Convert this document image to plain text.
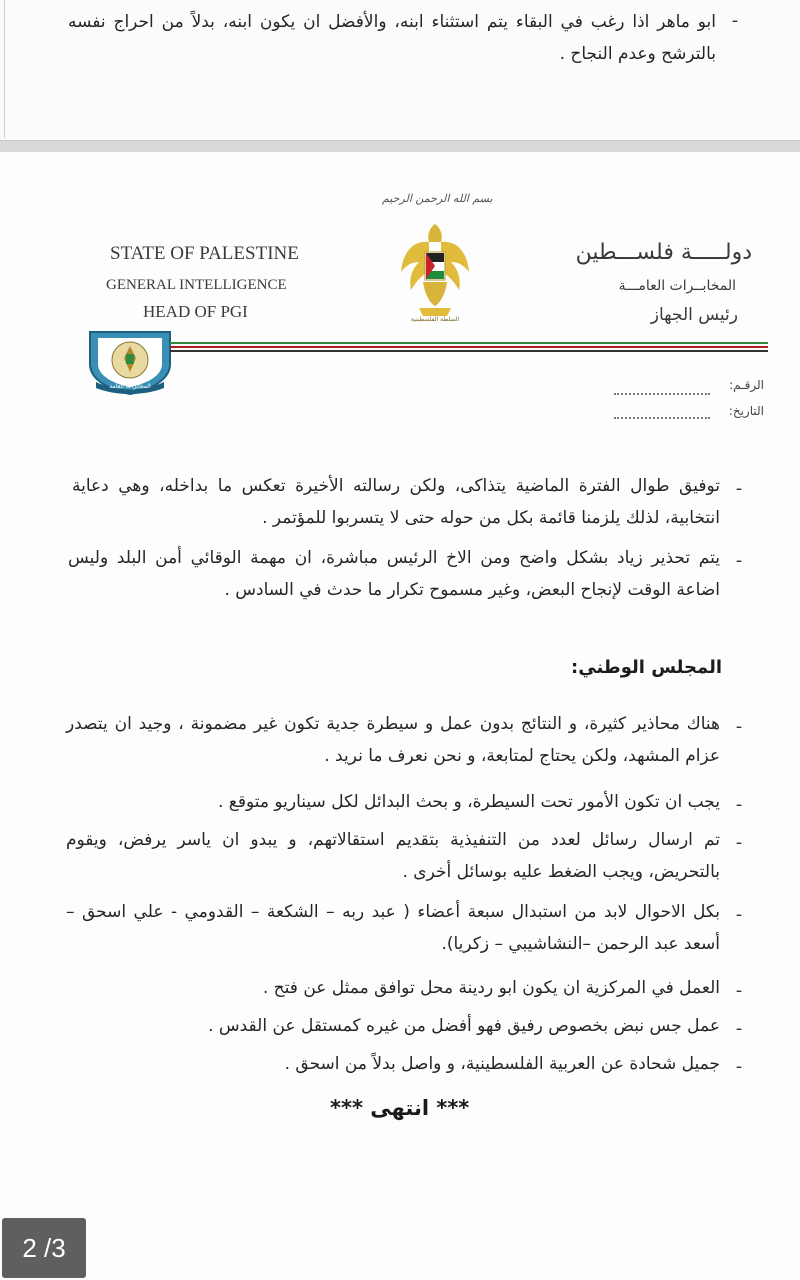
-
ابو ماهر اذا رغب في البقاء يتم استثناء ابنه، والأفضل ان يكون ابنه، بدلاً من احراج نفسه بالترشح وعدم النجاح .
بسم الله الرحمن الرحيم
STATE OF PALESTINE
GENERAL INTELLIGENCE
HEAD OF PGI
دولـــــة فلســـطين
المخابــرات العامـــة
رئيس الجهاز
السلطة الفلسطينية
المخابرات العامة	الرقـم:
التاريخ:
-
توفيق طوال الفترة الماضية يتذاكى، ولكن رسالته الأخيرة تعكس ما بداخله، وهي دعاية انتخابية، لذلك يلزمنا قائمة بكل من حوله حتى لا يتسربوا للمؤتمر .
-
يتم تحذير زياد بشكل واضح ومن الاخ الرئيس مباشرة، ان مهمة الوقائي أمن البلد وليس اضاعة الوقت لإنجاح البعض، وغير مسموح تكرار ما حدث في السادس .
المجلس الوطني:
-
هناك محاذير كثيرة، و النتائج بدون عمل و سيطرة جدية تكون غير مضمونة ، وجيد ان يتصدر عزام المشهد، ولكن يحتاج لمتابعة، و نحن نعرف ما نريد .
-
يجب ان تكون الأمور تحت السيطرة، و بحث البدائل لكل سيناريو متوقع .
-
تم ارسال رسائل لعدد من التنفيذية بتقديم استقالاتهم، و يبدو ان ياسر يرفض، ويقوم بالتحريض، ويجب الضغط عليه بوسائل أخرى .
-
بكل الاحوال لابد من استبدال سبعة أعضاء ( عبد ربه – الشكعة – القدومي - علي اسحق – أسعد عبد الرحمن –النشاشيبي – زكريا).
-
العمل في المركزية ان يكون ابو ردينة محل توافق ممثل عن فتح .
-
عمل جس نبض بخصوص رفيق فهو أفضل من غيره كمستقل عن القدس .
-
جميل شحادة عن العربية الفلسطينية، و واصل بدلاً من اسحق .
*** انتهى ***
2 /3
